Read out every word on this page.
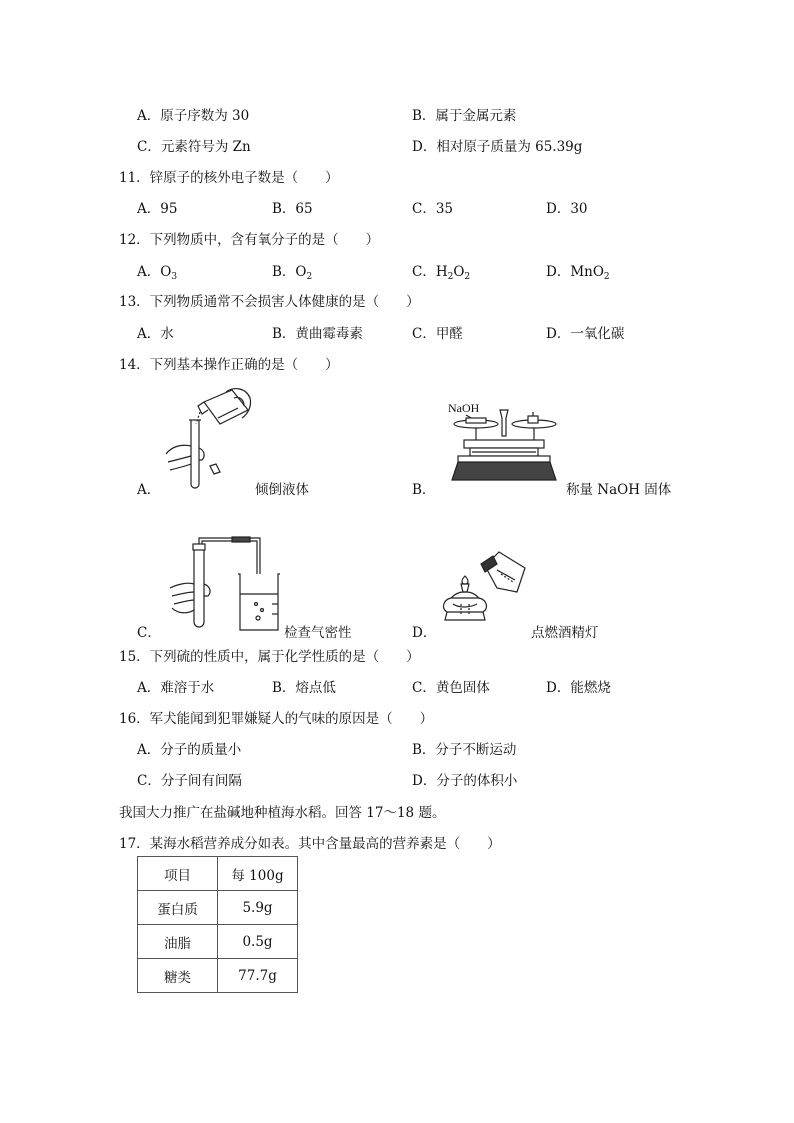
A．原子序数为 30	B．属于金属元素
C．元素符号为 Zn	D．相对原子质量为 65.39g
11．锌原子的核外电子数是（　　）
A．95	B．65	C．35	D．30
12．下列物质中，含有氧分子的是（　　）
A．$O_3$	B．$O_2$	C．$H_2O_2$	D．MnO$_2$
13．下列物质通常不会损害人体健康的是（　　）
A．水	B．黄曲霉毒素	C．甲醛	D．一氧化碳
14．下列基本操作正确的是（　　）
A．	倾倒液体	B．
NaOH
称量 NaOH 固体
C．	检查气密性	D．	点燃酒精灯
15．下列硫的性质中，属于化学性质的是（　　）
A．难溶于水	B．熔点低	C．黄色固体	D．能燃烧
16．军犬能闻到犯罪嫌疑人的气味的原因是（　　）
A．分子的质量小	B．分子不断运动
C．分子间有间隔	D．分子的体积小
我国大力推广在盐碱地种植海水稻。回答 17～18 题。
17．某海水稻营养成分如表。其中含量最高的营养素是（　　）
项目	每 100g
蛋白质	5.9g
油脂	0.5g
糖类	77.7g
